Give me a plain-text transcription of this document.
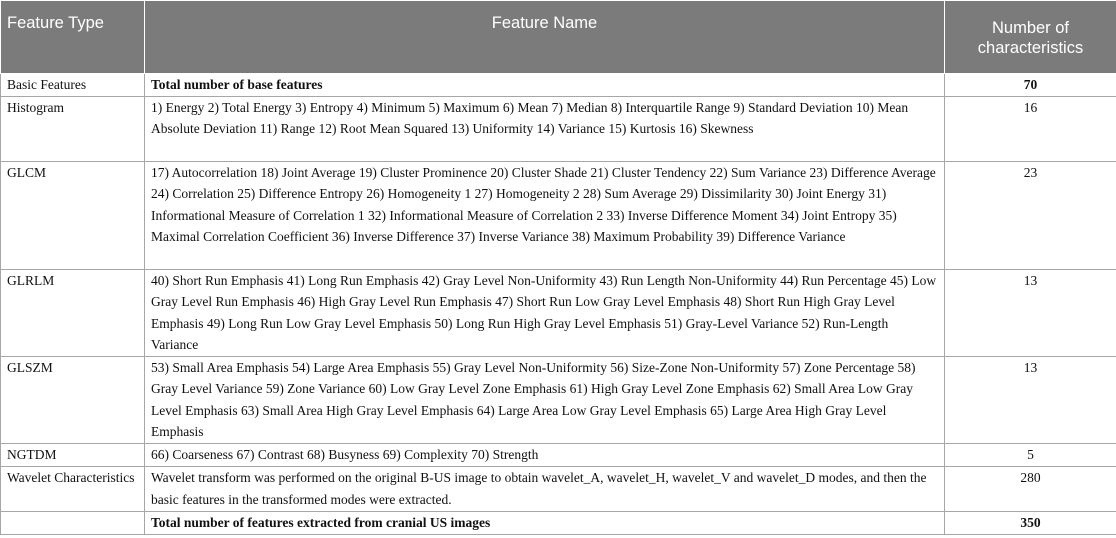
Feature Type	Feature Name	Number of
characteristics
Basic Features	Total number of base features	70
Histogram	1) Energy 2) Total Energy 3) Entropy 4) Minimum 5) Maximum 6) Mean 7) Median 8) Interquartile Range 9) Standard Deviation 10) Mean Absolute Deviation 11) Range 12) Root Mean Squared 13) Uniformity 14) Variance 15) Kurtosis 16) Skewness	16
GLCM	17) Autocorrelation 18) Joint Average 19) Cluster Prominence 20) Cluster Shade 21) Cluster Tendency 22) Sum Variance 23) Difference Average 24) Correlation 25) Difference Entropy 26) Homogeneity 1 27) Homogeneity 2 28) Sum Average 29) Dissimilarity 30) Joint Energy 31) Informational Measure of Correlation 1 32) Informational Measure of Correlation 2 33) Inverse Difference Moment 34) Joint Entropy 35) Maximal Correlation Coefficient 36) Inverse Difference 37) Inverse Variance 38) Maximum Probability 39) Difference Variance	23
GLRLM	40) Short Run Emphasis 41) Long Run Emphasis 42) Gray Level Non-Uniformity 43) Run Length Non-Uniformity 44) Run Percentage 45) Low Gray Level Run Emphasis 46) High Gray Level Run Emphasis 47) Short Run Low Gray Level Emphasis 48) Short Run High Gray Level Emphasis 49) Long Run Low Gray Level Emphasis 50) Long Run High Gray Level Emphasis 51) Gray-Level Variance 52) Run-Length Variance	13
GLSZM	53) Small Area Emphasis 54) Large Area Emphasis 55) Gray Level Non-Uniformity 56) Size-Zone Non-Uniformity 57) Zone Percentage 58) Gray Level Variance 59) Zone Variance 60) Low Gray Level Zone Emphasis 61) High Gray Level Zone Emphasis 62) Small Area Low Gray Level Emphasis 63) Small Area High Gray Level Emphasis 64) Large Area Low Gray Level Emphasis 65) Large Area High Gray Level Emphasis	13
NGTDM	66) Coarseness 67) Contrast 68) Busyness 69) Complexity 70) Strength	5
Wavelet Characteristics	Wavelet transform was performed on the original B-US image to obtain wavelet_A, wavelet_H, wavelet_V and wavelet_D modes, and then the basic features in the transformed modes were extracted.	280
	Total number of features extracted from cranial US images	350
